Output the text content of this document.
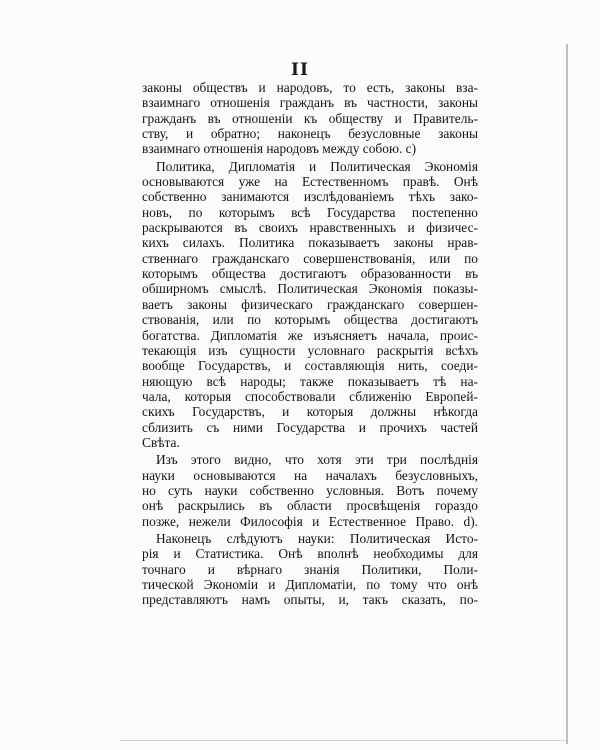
II

законы обществъ и народовъ, то есть, законы вза-
взаимнаго отношенія гражданъ въ частности, законы
гражданъ въ отношеніи къ обществу и Правитель-
ству, и обратно; наконецъ безусловные законы
взаимнаго отношенія народовъ между собою. c)

Политика, Дипломатія и Политическая Экономія
основываются уже на Естественномъ правѣ. Онѣ
собственно занимаются изслѣдованіемъ тѣхъ зако-
новъ, по которымъ всѣ Государства постепенно
раскрываются въ своихъ нравственныхъ и физичес-
кихъ силахъ. Политика показываетъ законы нрав-
ственнаго гражданскаго совершенствованія, или по
которымъ общества достигаютъ образованности въ
обширномъ смыслѣ. Политическая Экономія показы-
ваетъ законы физическаго гражданскаго совершен-
ствованія, или по которымъ общества достигаютъ
богатства. Дипломатія же изъясняетъ начала, проис-
текающія изъ сущности условнаго раскрытія всѣхъ
вообще Государствъ, и составляющія нить, соеди-
няющую всѣ народы; также показываетъ тѣ на-
чала, которыя способствовали сближенію Европей-
скихъ Государствъ, и которыя должны нѣкогда
сблизить съ ними Государства и прочихъ частей
Свѣта.

Изъ этого видно, что хотя эти три послѣднія
науки основываются на началахъ безусловныхъ,
но суть науки собственно условныя. Вотъ почему
онѣ раскрылись въ области просвѣщенія гораздо
позже, нежели Философія и Естественное Право. d).

Наконецъ слѣдуютъ науки: Политическая Исто-
рія и Статистика. Онѣ вполнѣ необходимы для
точнаго и вѣрнаго знанія Политики, Поли-
тической Экономіи и Дипломатіи, по тому что онѣ
представляютъ намъ опыты, и, такъ сказать, по-
